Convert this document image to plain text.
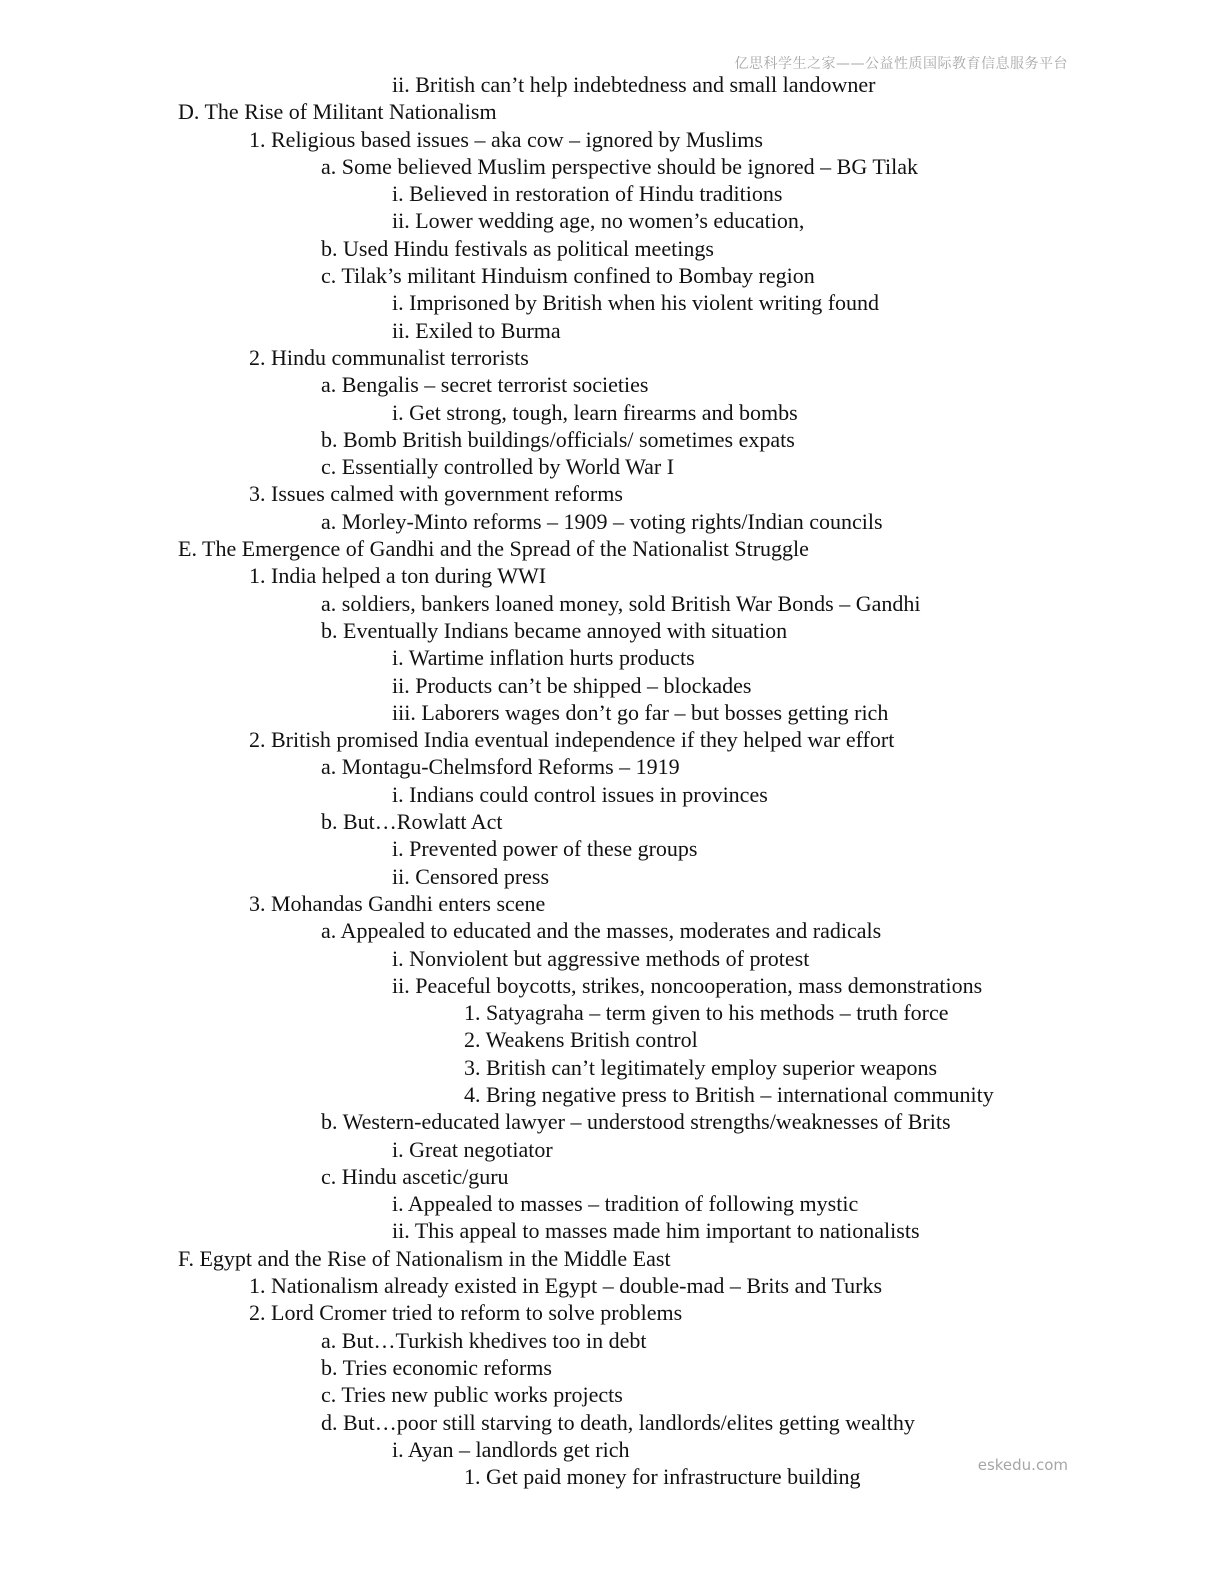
亿思科学生之家——公益性质国际教育信息服务平台
eskedu.com
ii. British can’t help indebtedness and small landowner
D. The Rise of Militant Nationalism
1. Religious based issues – aka cow – ignored by Muslims
a. Some believed Muslim perspective should be ignored – BG Tilak
i. Believed in restoration of Hindu traditions
ii. Lower wedding age, no women’s education,
b. Used Hindu festivals as political meetings
c. Tilak’s militant Hinduism confined to Bombay region
i. Imprisoned by British when his violent writing found
ii. Exiled to Burma
2. Hindu communalist terrorists
a. Bengalis – secret terrorist societies
i. Get strong, tough, learn firearms and bombs
b. Bomb British buildings/officials/ sometimes expats
c. Essentially controlled by World War I
3. Issues calmed with government reforms
a. Morley-Minto reforms – 1909 – voting rights/Indian councils
E. The Emergence of Gandhi and the Spread of the Nationalist Struggle
1. India helped a ton during WWI
a. soldiers, bankers loaned money, sold British War Bonds – Gandhi
b. Eventually Indians became annoyed with situation
i. Wartime inflation hurts products
ii. Products can’t be shipped – blockades
iii. Laborers wages don’t go far – but bosses getting rich
2. British promised India eventual independence if they helped war effort
a. Montagu-Chelmsford Reforms – 1919
i. Indians could control issues in provinces
b. But…Rowlatt Act
i. Prevented power of these groups
ii. Censored press
3. Mohandas Gandhi enters scene
a. Appealed to educated and the masses, moderates and radicals
i. Nonviolent but aggressive methods of protest
ii. Peaceful boycotts, strikes, noncooperation, mass demonstrations
1. Satyagraha – term given to his methods – truth force
2. Weakens British control
3. British can’t legitimately employ superior weapons
4. Bring negative press to British – international community
b. Western-educated lawyer – understood strengths/weaknesses of Brits
i. Great negotiator
c. Hindu ascetic/guru
i. Appealed to masses – tradition of following mystic
ii. This appeal to masses made him important to nationalists
F. Egypt and the Rise of Nationalism in the Middle East
1. Nationalism already existed in Egypt – double-mad – Brits and Turks
2. Lord Cromer tried to reform to solve problems
a. But…Turkish khedives too in debt
b. Tries economic reforms
c. Tries new public works projects
d. But…poor still starving to death, landlords/elites getting wealthy
i. Ayan – landlords get rich
1. Get paid money for infrastructure building
